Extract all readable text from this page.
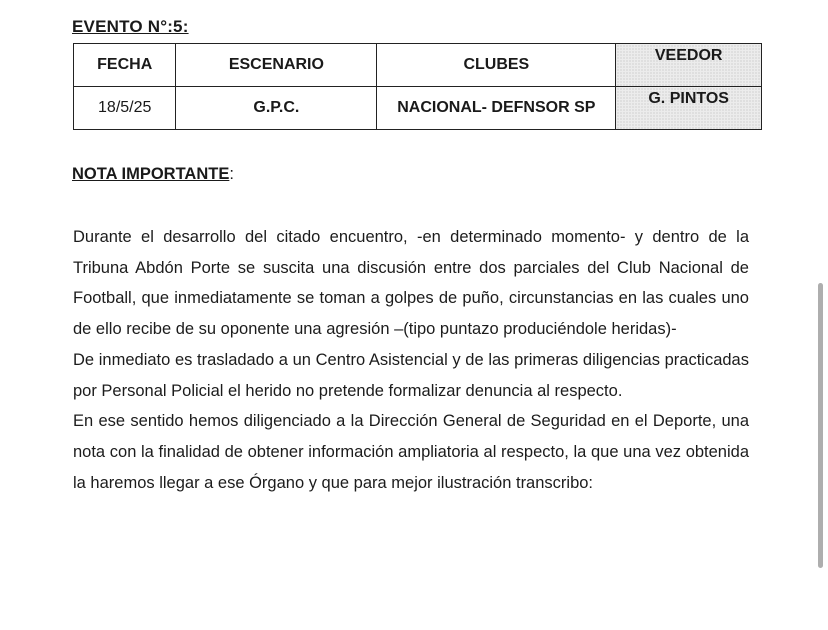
EVENTO N°:5:
FECHA	ESCENARIO	CLUBES	VEEDOR

18/5/25	G.P.C.	NACIONAL- DEFNSOR SP	G. PINTOS
NOTA IMPORTANTE:

Durante el desarrollo del citado encuentro, -en determinado momento- y dentro de la Tribuna Abdón Porte se suscita una discusión entre dos parciales del Club Nacional de Football, que inmediatamente se toman a golpes de puño, circunstancias en las cuales uno de ello recibe de su oponente una agresión –(tipo puntazo produciéndole heridas)-

De inmediato es trasladado a un Centro Asistencial y de las primeras diligencias practicadas por Personal Policial el herido no pretende formalizar denuncia al respecto.

En ese sentido hemos diligenciado a la Dirección General de Seguridad en el Deporte, una nota con la finalidad de obtener información ampliatoria al respecto, la que una vez obtenida la haremos llegar a ese Órgano y que para mejor ilustración transcribo:
